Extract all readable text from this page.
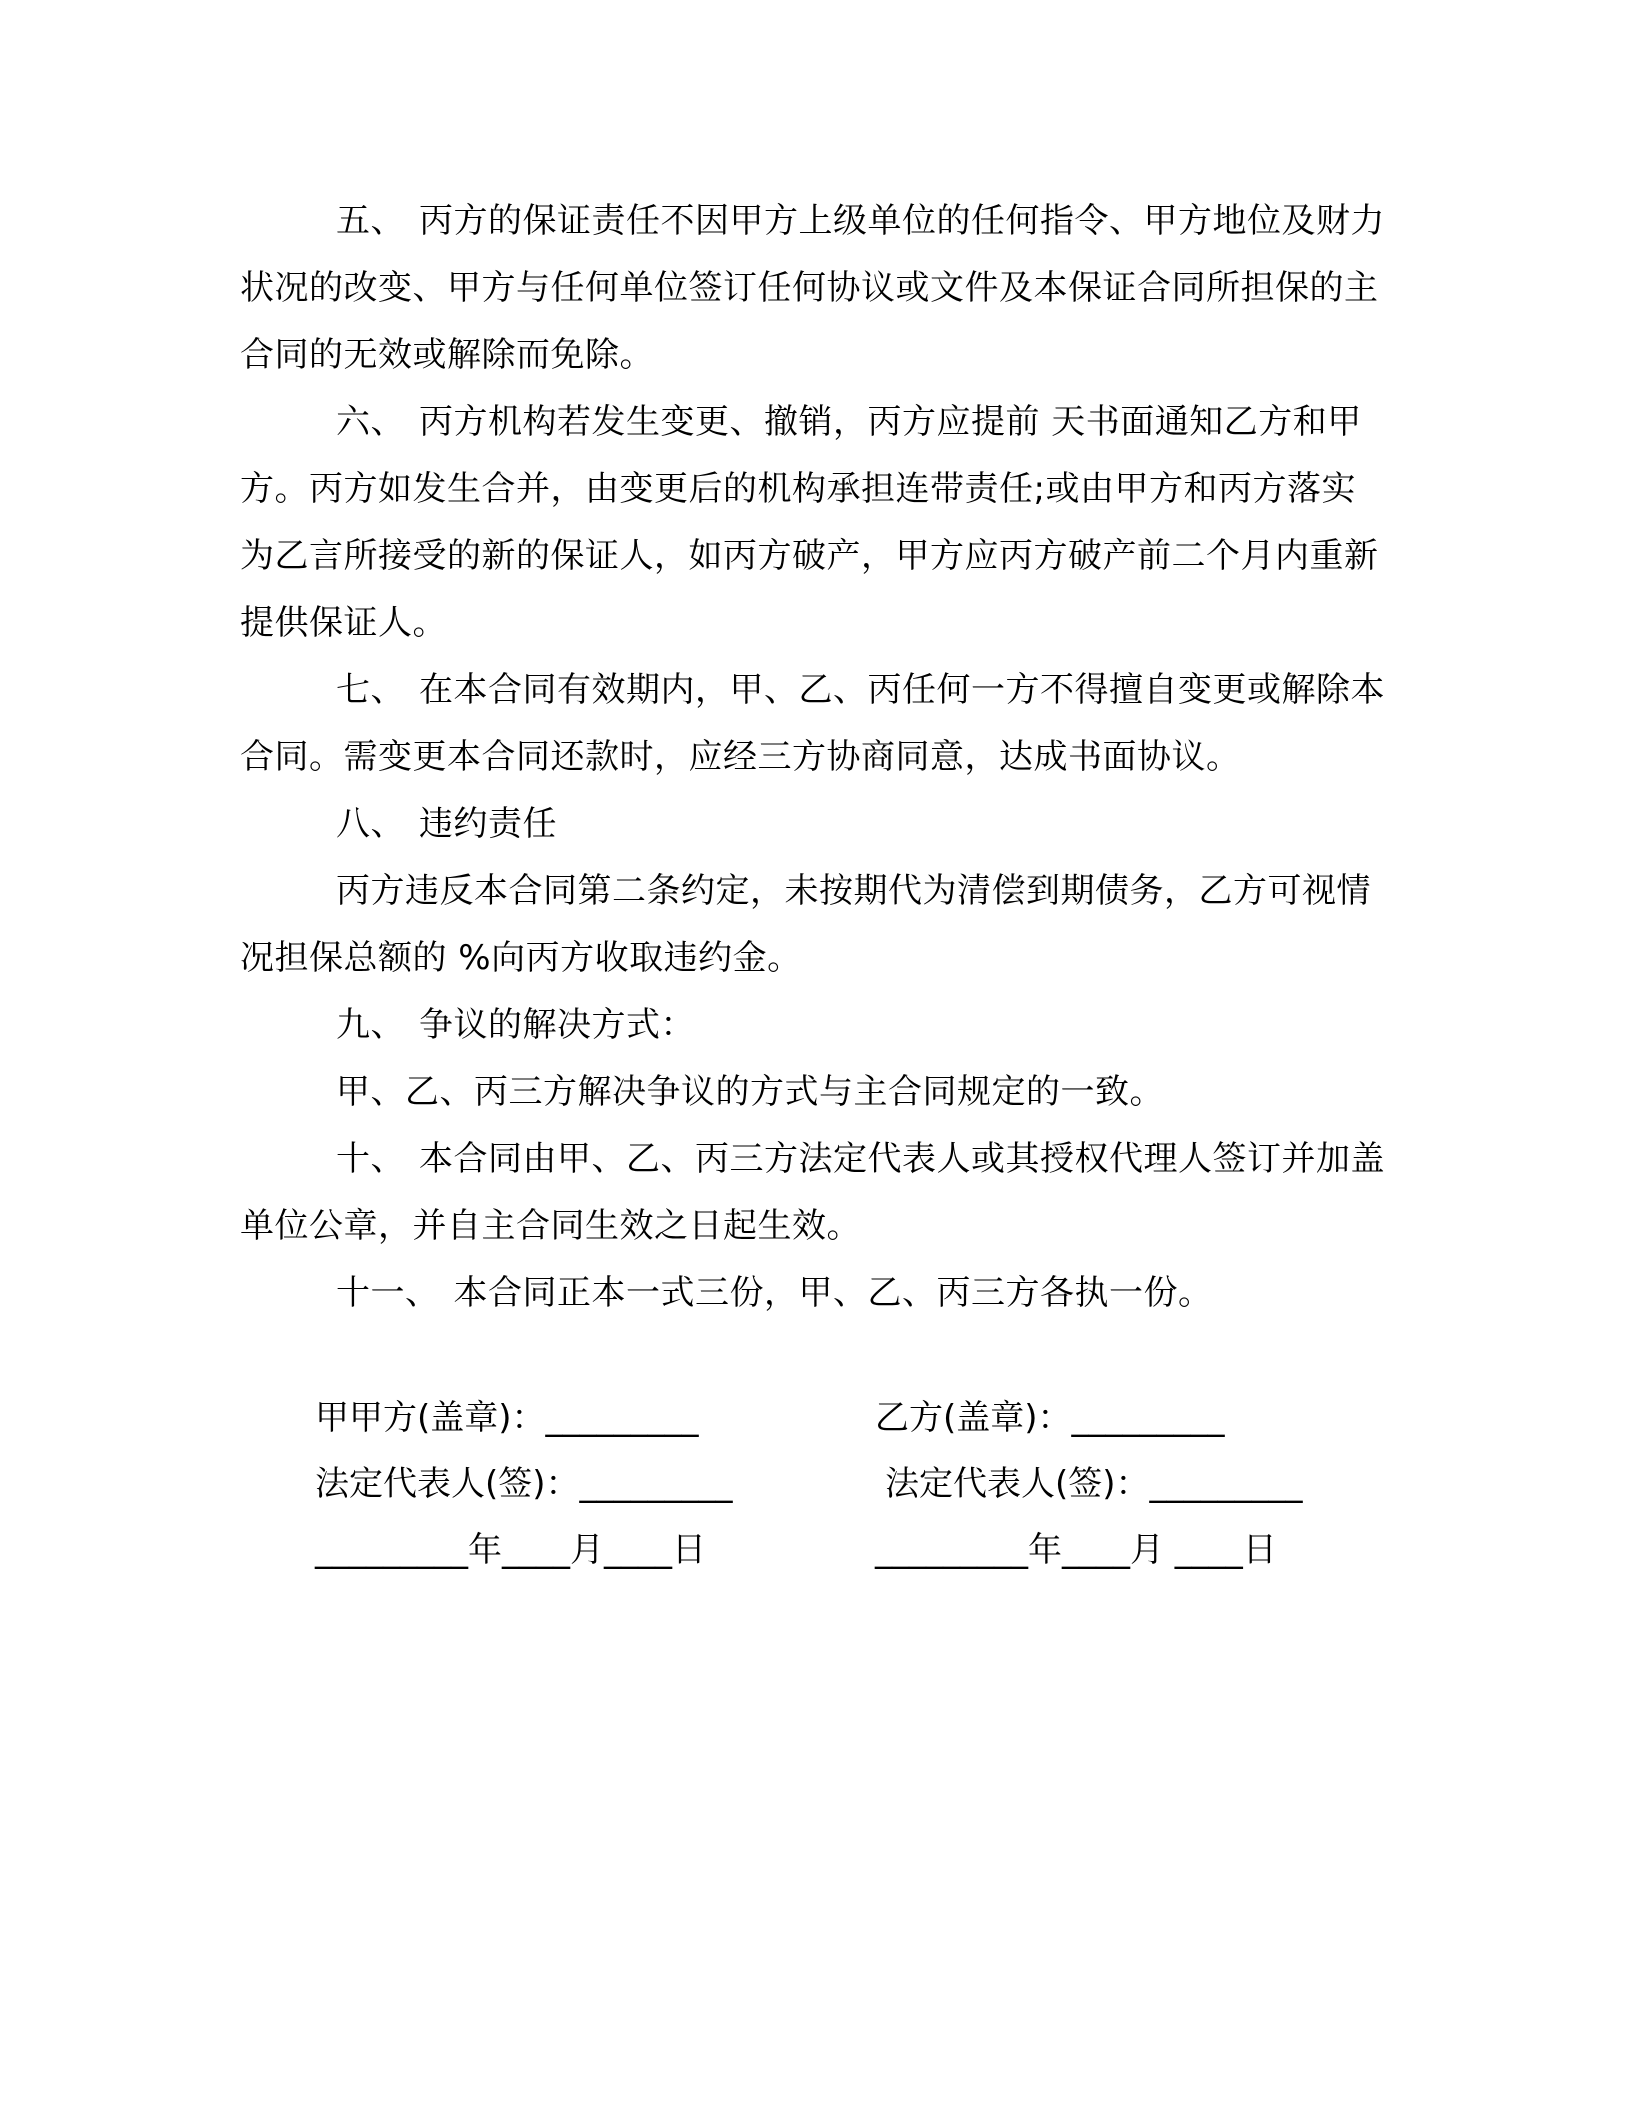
五、 丙方的保证责任不因甲方上级单位的任何指令、甲方地位及财力状况的改变、甲方与任何单位签订任何协议或文件及本保证合同所担保的主合同的无效或解除而免除。

六、 丙方机构若发生变更、撤销，丙方应提前 天书面通知乙方和甲方。丙方如发生合并，由变更后的机构承担连带责任;或由甲方和丙方落实为乙言所接受的新的保证人，如丙方破产，甲方应丙方破产前二个月内重新提供保证人。

七、 在本合同有效期内，甲、乙、丙任何一方不得擅自变更或解除本合同。需变更本合同还款时，应经三方协商同意，达成书面协议。

八、 违约责任

丙方违反本合同第二条约定，未按期代为清偿到期债务，乙方可视情况担保总额的 %向丙方收取违约金。

九、 争议的解决方式：

甲、乙、丙三方解决争议的方式与主合同规定的一致。

十、 本合同由甲、乙、丙三方法定代表人或其授权代理人签订并加盖单位公章，并自主合同生效之日起生效。

十一、 本合同正本一式三份，甲、乙、丙三方各执一份。

甲甲方(盖章)：_________
法定代表人(签)：_________
_________年____月____日
乙方(盖章)：_________
法定代表人(签)：_________
_________年____月 ____日
